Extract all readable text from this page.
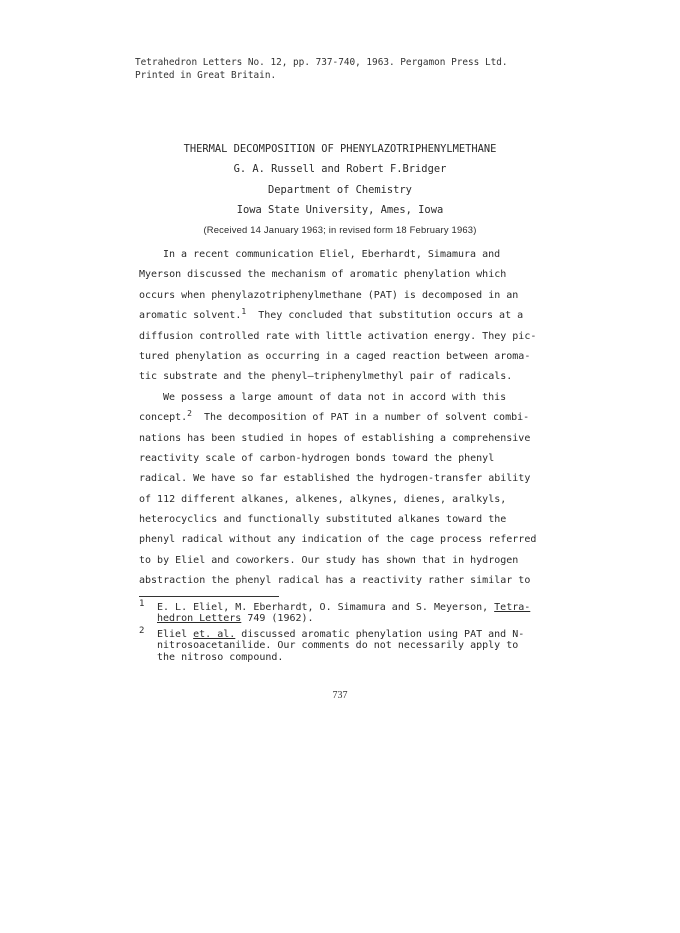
Tetrahedron Letters No. 12, pp. 737-740, 1963. Pergamon Press Ltd.
Printed in Great Britain.
THERMAL DECOMPOSITION OF PHENYLAZOTRIPHENYLMETHANE
G. A. Russell and Robert F.Bridger
Department of Chemistry
Iowa State University, Ames, Iowa
(Received 14 January 1963; in revised form 18 February 1963)
In a recent communication Eliel, Eberhardt, Simamura and
Myerson discussed the mechanism of aromatic phenylation which
occurs when phenylazotriphenylmethane (PAT) is decomposed in an
aromatic solvent.$^1$  They concluded that substitution occurs at a
diffusion controlled rate with little activation energy. They pic-
tured phenylation as occurring in a caged reaction between aroma-
tic substrate and the phenyl—triphenylmethyl pair of radicals.
We possess a large amount of data not in accord with this
concept.$^2$  The decomposition of PAT in a number of solvent combi-
nations has been studied in hopes of establishing a comprehensive
reactivity scale of carbon-hydrogen bonds toward the phenyl
radical. We have so far established the hydrogen-transfer ability
of 112 different alkanes, alkenes, alkynes, dienes, aralkyls,
heterocyclics and functionally substituted alkanes toward the
phenyl radical without any indication of the cage process referred
to by Eliel and coworkers. Our study has shown that in hydrogen
abstraction the phenyl radical has a reactivity rather similar to
1 E. L. Eliel, M. Eberhardt, O. Simamura and S. Meyerson, Tetra-
hedron Letters 749 (1962).
2 Eliel et. al. discussed aromatic phenylation using PAT and N-
nitrosoacetanilide. Our comments do not necessarily apply to
the nitroso compound.
737
